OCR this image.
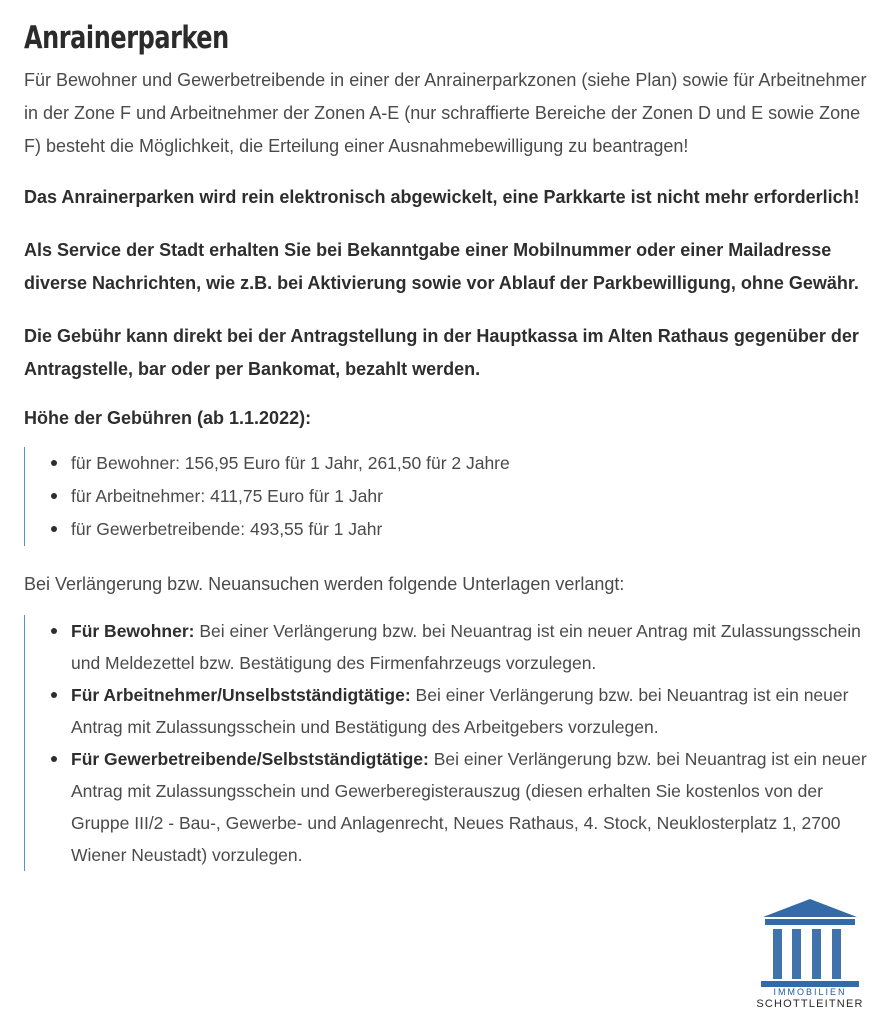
Anrainerparken

Für Bewohner und Gewerbetreibende in einer der Anrainerparkzonen (siehe Plan) sowie für Arbeitnehmer in der Zone F und Arbeitnehmer der Zonen A-E (nur schraffierte Bereiche der Zonen D und E sowie Zone F) besteht die Möglichkeit, die Erteilung einer Ausnahmebewilligung zu beantragen!

Das Anrainerparken wird rein elektronisch abgewickelt, eine Parkkarte ist nicht mehr erforderlich!

Als Service der Stadt erhalten Sie bei Bekanntgabe einer Mobilnummer oder einer Mailadresse diverse Nachrichten, wie z.B. bei Aktivierung sowie vor Ablauf der Parkbewilligung, ohne Gewähr.

Die Gebühr kann direkt bei der Antragstellung in der Hauptkassa im Alten Rathaus gegenüber der Antragstelle, bar oder per Bankomat, bezahlt werden.

Höhe der Gebühren (ab 1.1.2022):

für Bewohner: 156,95 Euro für 1 Jahr, 261,50 für 2 Jahre
für Arbeitnehmer: 411,75 Euro für 1 Jahr
für Gewerbetreibende: 493,55 für 1 Jahr

Bei Verlängerung bzw. Neuansuchen werden folgende Unterlagen verlangt:

Für Bewohner: Bei einer Verlängerung bzw. bei Neuantrag ist ein neuer Antrag mit Zulassungsschein und Meldezettel bzw. Bestätigung des Firmenfahrzeugs vorzulegen.
Für Arbeitnehmer/Unselbstständigtätige: Bei einer Verlängerung bzw. bei Neuantrag ist ein neuer Antrag mit Zulassungsschein und Bestätigung des Arbeitgebers vorzulegen.
Für Gewerbetreibende/Selbstständigtätige: Bei einer Verlängerung bzw. bei Neuantrag ist ein neuer Antrag mit Zulassungsschein und Gewerberegisterauszug (diesen erhalten Sie kostenlos von der Gruppe III/2 - Bau-, Gewerbe- und Anlagenrecht, Neues Rathaus, 4. Stock, Neuklosterplatz 1, 2700 Wiener Neustadt) vorzulegen.
IMMOBILIEN
SCHOTTLEITNER
